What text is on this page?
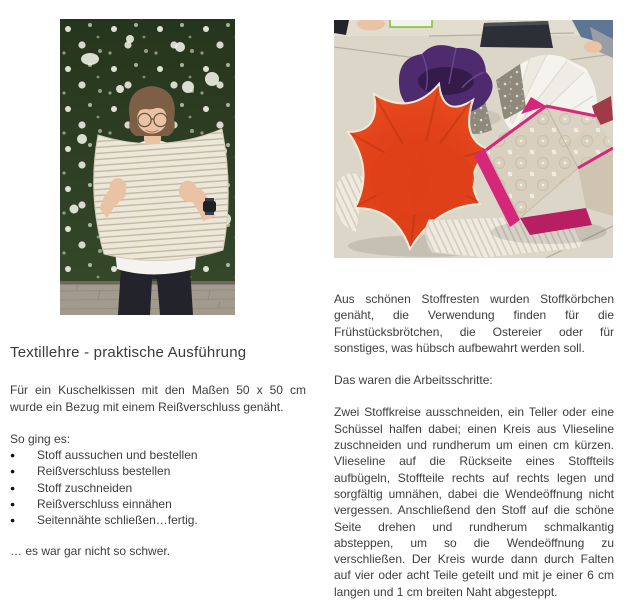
Textillehre - praktische Ausführung

Für ein Kuschelkissen mit den Maßen 50 x 50 cm wurde ein Bezug mit einem Reißverschluss genäht.

So ging es:

●	Stoff aussuchen und bestellen
●	Reißverschluss bestellen
●	Stoff zuschneiden
●	Reißverschluss einnähen
●	Seitennähte schließen…fertig.

… es war gar nicht so schwer.

Aus schönen Stoffresten wurden Stoffkörbchen genäht, die Verwendung finden für die Frühstücksbrötchen, die Ostereier oder für sonstiges, was hübsch aufbewahrt werden soll.

Das waren die Arbeitsschritte:

Zwei Stoffkreise ausschneiden, ein Teller oder eine Schüssel halfen dabei; einen Kreis aus Vlieseline zuschneiden und rundherum um einen cm kürzen. Vlieseline auf die Rückseite eines Stoffteils aufbügeln, Stoffteile rechts auf rechts legen und sorgfältig umnähen, dabei die Wendeöffnung nicht vergessen. Anschließend den Stoff auf die schöne Seite drehen und rundherum schmalkantig absteppen, um so die Wendeöffnung zu verschließen. Der Kreis wurde dann durch Falten auf vier oder acht Teile geteilt und mit je einer 6 cm langen und 1 cm breiten Naht abgesteppt.
